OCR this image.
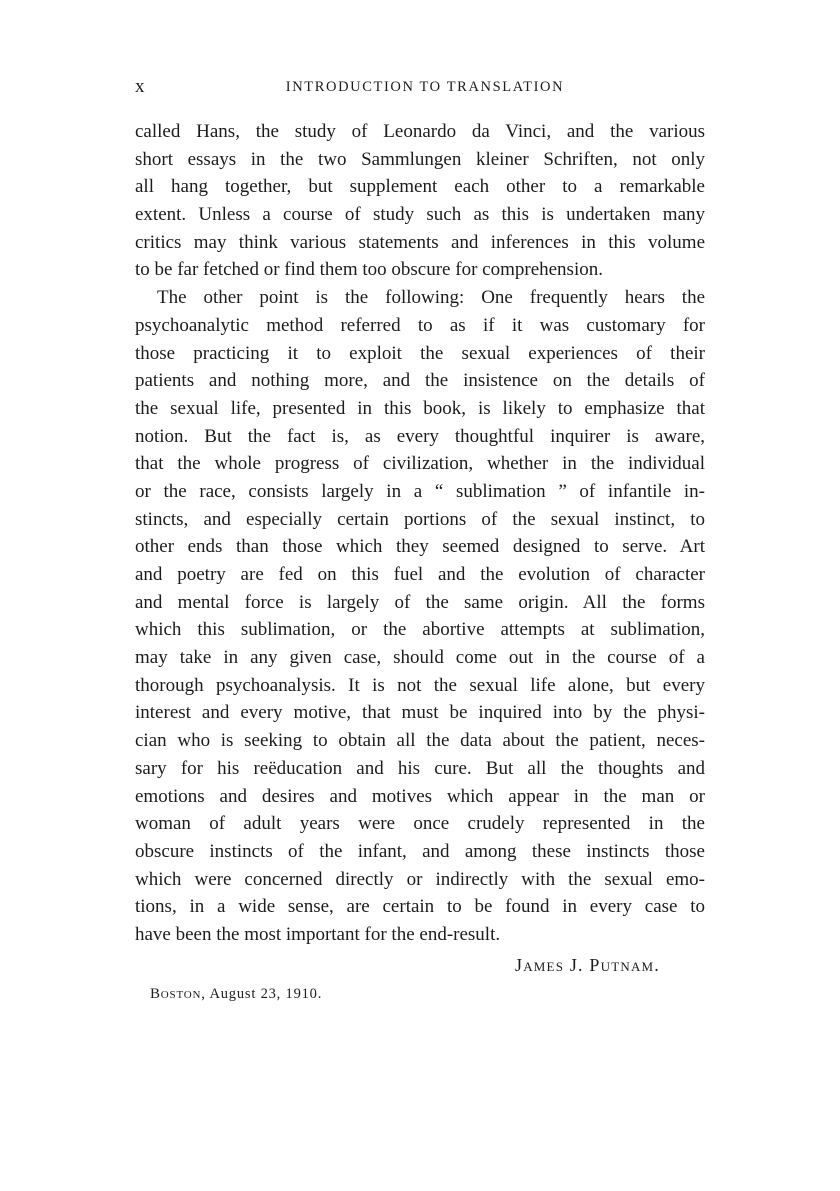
x	INTRODUCTION TO TRANSLATION

called Hans, the study of Leonardo da Vinci, and the various
short essays in the two Sammlungen kleiner Schriften, not only
all hang together, but supplement each other to a remarkable
extent. Unless a course of study such as this is undertaken many
critics may think various statements and inferences in this volume
to be far fetched or find them too obscure for comprehension.

The other point is the following: One frequently hears the
psychoanalytic method referred to as if it was customary for
those practicing it to exploit the sexual experiences of their
patients and nothing more, and the insistence on the details of
the sexual life, presented in this book, is likely to emphasize that
notion. But the fact is, as every thoughtful inquirer is aware,
that the whole progress of civilization, whether in the individual
or the race, consists largely in a “ sublimation ” of infantile in-
stincts, and especially certain portions of the sexual instinct, to
other ends than those which they seemed designed to serve. Art
and poetry are fed on this fuel and the evolution of character
and mental force is largely of the same origin. All the forms
which this sublimation, or the abortive attempts at sublimation,
may take in any given case, should come out in the course of a
thorough psychoanalysis. It is not the sexual life alone, but every
interest and every motive, that must be inquired into by the physi-
cian who is seeking to obtain all the data about the patient, neces-
sary for his reëducation and his cure. But all the thoughts and
emotions and desires and motives which appear in the man or
woman of adult years were once crudely represented in the
obscure instincts of the infant, and among these instincts those
which were concerned directly or indirectly with the sexual emo-
tions, in a wide sense, are certain to be found in every case to
have been the most important for the end-result.

James J. Putnam.
Boston, August 23, 1910.
